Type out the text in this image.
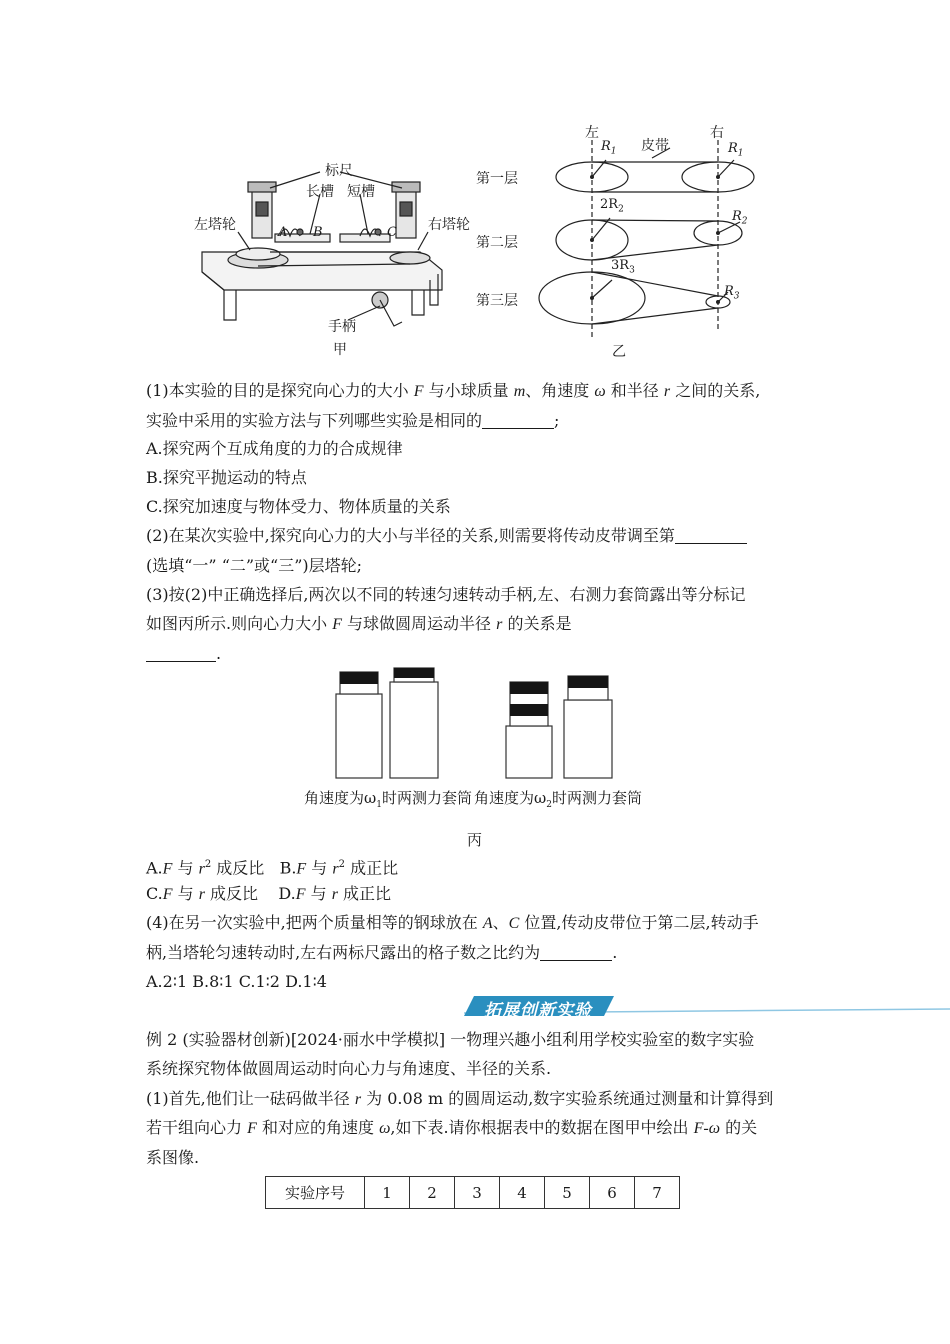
标尺
长槽 短槽
左塔轮	右塔轮
A B	C
手柄
甲
左	右
皮带
第一层
第二层
第三层
$R_1$	$R_1$
$2R_2$	$R_2$
$3R_3$
$R_3$
乙
(1)本实验的目的是探究向心力的大小 F 与小球质量 m、角速度 ω 和半径 r 之间的关系,
实验中采用的实验方法与下列哪些实验是相同的	;
A.探究两个互成角度的力的合成规律
B.探究平抛运动的特点
C.探究加速度与物体受力、物体质量的关系
(2)在某次实验中,探究向心力的大小与半径的关系,则需要将传动皮带调至第
(选填“一” “二”或“三”)层塔轮;
(3)按(2)中正确选择后,两次以不同的转速匀速转动手柄,左、右测力套筒露出等分标记
如图丙所示.则向心力大小 F 与球做圆周运动半径 r 的关系是
.
角速度为$\omega_1$时两测力套筒 角速度为$\omega_2$时两测力套筒
丙
A.F 与 $r^2$ 成反比 B.F 与 $r^2$ 成正比
C.F 与 r 成反比 D.F 与 r 成正比
(4)在另一次实验中,把两个质量相等的钢球放在 A、C 位置,传动皮带位于第二层,转动手
柄,当塔轮匀速转动时,左右两标尺露出的格子数之比约为	.
A.2∶1 B.8∶1 C.1∶2 D.1∶4
拓展创新实验
例 2 (实验器材创新)[2024·丽水中学模拟] 一物理兴趣小组利用学校实验室的数字实验
系统探究物体做圆周运动时向心力与角速度、半径的关系.
(1)首先,他们让一砝码做半径 r 为 0.08 m 的圆周运动,数字实验系统通过测量和计算得到
若干组向心力 F 和对应的角速度 ω,如下表.请你根据表中的数据在图甲中绘出 F-ω 的关
系图像.
实验序号	1	2	3	4	5	6	7
